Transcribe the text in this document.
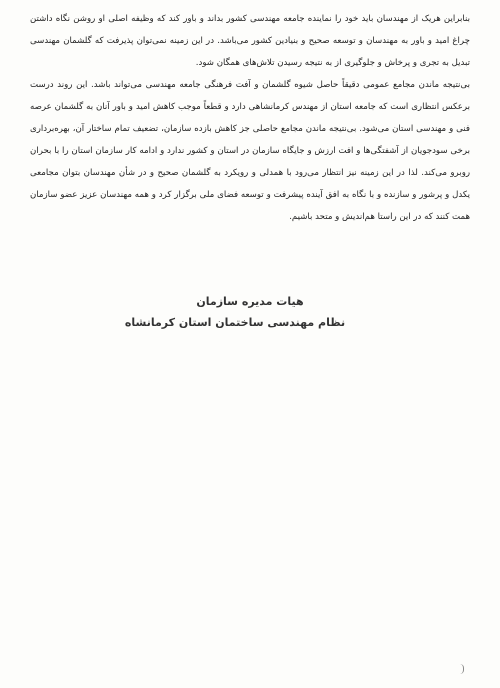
بنابراین هریک از مهندسان باید خود را نماینده جامعه مهندسی کشور بداند و باور کند که وظیفه اصلی او روشن نگاه داشتن چراغ امید و باور به مهندسان و توسعه صحیح و بنیادین کشور می‌باشد. در این زمینه نمی‌توان پذیرفت که گلشمان مهندسی تبدیل به تجری و پرخاش و جلوگیری از به نتیجه رسیدن تلاش‌های همگان شود.

بی‌نتیجه ماندن مجامع عمومی دقیقاً حاصل شیوه گلشمان و آفت فرهنگی جامعه مهندسی می‌تواند باشد. این روند درست برعکس انتظاری است که جامعه استان از مهندس کرمانشاهی دارد و قطعاً موجب کاهش امید و باور آنان به گلشمان عرصه فنی و مهندسی استان می‌شود. بی‌نتیجه ماندن مجامع حاصلی جز کاهش بازده سازمان، تضعیف تمام ساختار آن، بهره‌برداری برخی سودجویان از آشفتگی‌ها و افت ارزش و جایگاه سازمان در استان و کشور ندارد و ادامه کار سازمان استان را با بحران روبرو می‌کند. لذا در این زمینه نیز انتظار می‌رود با همدلی و رویکرد به گلشمان صحیح و در شأن مهندسان بتوان مجامعی یکدل و پرشور و سازنده و با نگاه به افق آینده پیشرفت و توسعه فضای ملی برگزار کرد و همه مهندسان عزیز عضو سازمان همت کنند که در این راستا هم‌اندیش و متحد باشیم.

هیات مدیره سازمان
نظام مهندسی ساختمان استان کرمانشاه
